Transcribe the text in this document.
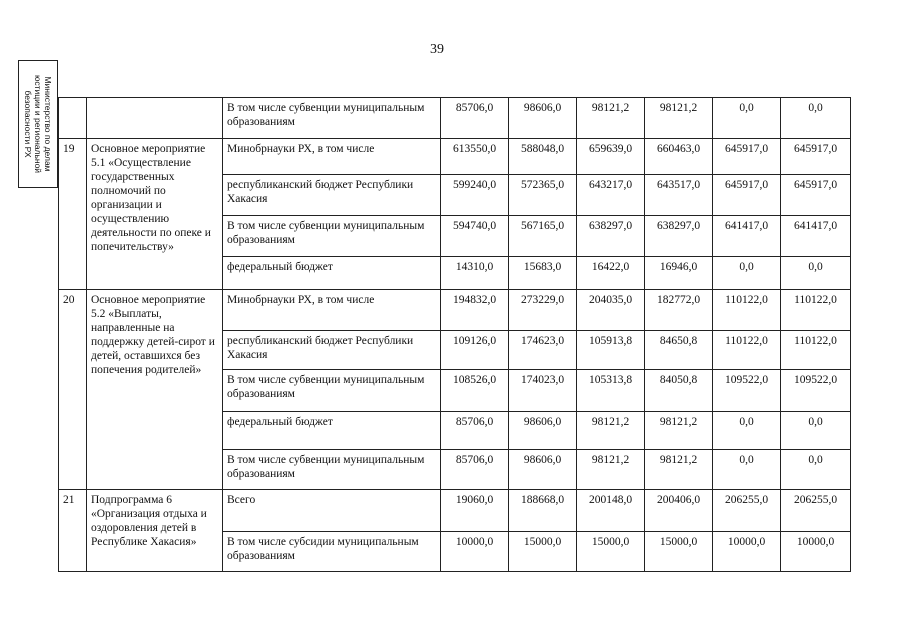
39
Министерство по делам
юстиции и региональной
безопасности РХ
			В том числе субвенции муниципальным образованиям	85706,0	98606,0	98121,2	98121,2	0,0	0,0
19	Основное мероприятие 5.1 «Осуществление государственных полномочий по организации и осуществлению деятельности по опеке и попечительству»	Минобрнауки РХ, в том числе	613550,0	588048,0	659639,0	660463,0	645917,0	645917,0
		республиканский бюджет Республики Хакасия	599240,0	572365,0	643217,0	643517,0	645917,0	645917,0
		В том числе субвенции муниципальным образованиям	594740,0	567165,0	638297,0	638297,0	641417,0	641417,0
		федеральный бюджет	14310,0	15683,0	16422,0	16946,0	0,0	0,0
20	Основное мероприятие 5.2 «Выплаты, направленные на поддержку детей-сирот и детей, оставшихся без попечения родителей»	Минобрнауки РХ, в том числе	194832,0	273229,0	204035,0	182772,0	110122,0	110122,0
		республиканский бюджет Республики Хакасия	109126,0	174623,0	105913,8	84650,8	110122,0	110122,0
		В том числе субвенции муниципальным образованиям	108526,0	174023,0	105313,8	84050,8	109522,0	109522,0
		федеральный бюджет	85706,0	98606,0	98121,2	98121,2	0,0	0,0
		В том числе субвенции муниципальным образованиям	85706,0	98606,0	98121,2	98121,2	0,0	0,0
21	Подпрограмма 6 «Организация отдыха и оздоровления детей в Республике Хакасия»	Всего	19060,0	188668,0	200148,0	200406,0	206255,0	206255,0
		В том числе субсидии муниципальным образованиям	10000,0	15000,0	15000,0	15000,0	10000,0	10000,0
